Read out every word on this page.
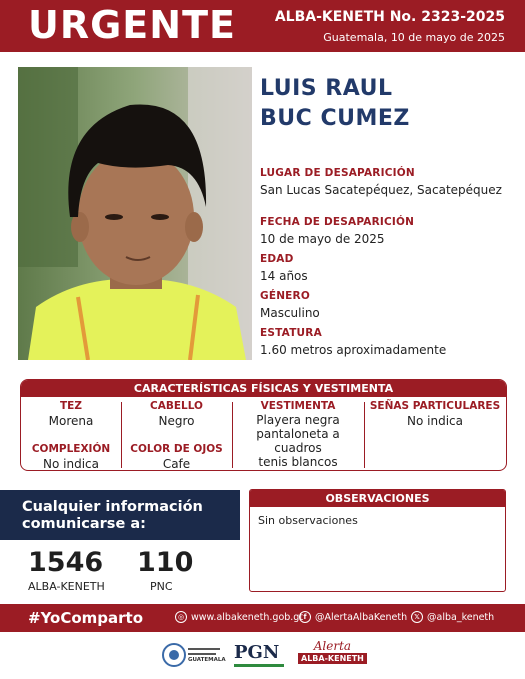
URGENTE	ALBA-KENETH No. 2323-2025
Guatemala, 10 de mayo de 2025
LUIS RAUL
BUC CUMEZ
LUGAR DE DESAPARICIÓN
San Lucas Sacatepéquez, Sacatepéquez
FECHA DE DESAPARICIÓN
10 de mayo de 2025
EDAD
14 años
GÉNERO
Masculino
ESTATURA
1.60 metros aproximadamente
CARACTERÍSTICAS FÍSICAS Y VESTIMENTA
TEZ
Morena
COMPLEXIÓN
No indica
CABELLO
Negro
COLOR DE OJOS
Cafe
VESTIMENTA
Playera negra
pantaloneta a
cuadros
tenis blancos
SEÑAS PARTICULARES
No indica
Cualquier información
comunicarse a:
1546
ALBA-KENETH
110
PNC
OBSERVACIONES
Sin observaciones
#YoComparto	◎ www.albakeneth.gob.gt f @AlertaAlbaKeneth	𝕏 @alba_keneth
GUATEMALA PGN	Alerta
ALBA-KENETH
